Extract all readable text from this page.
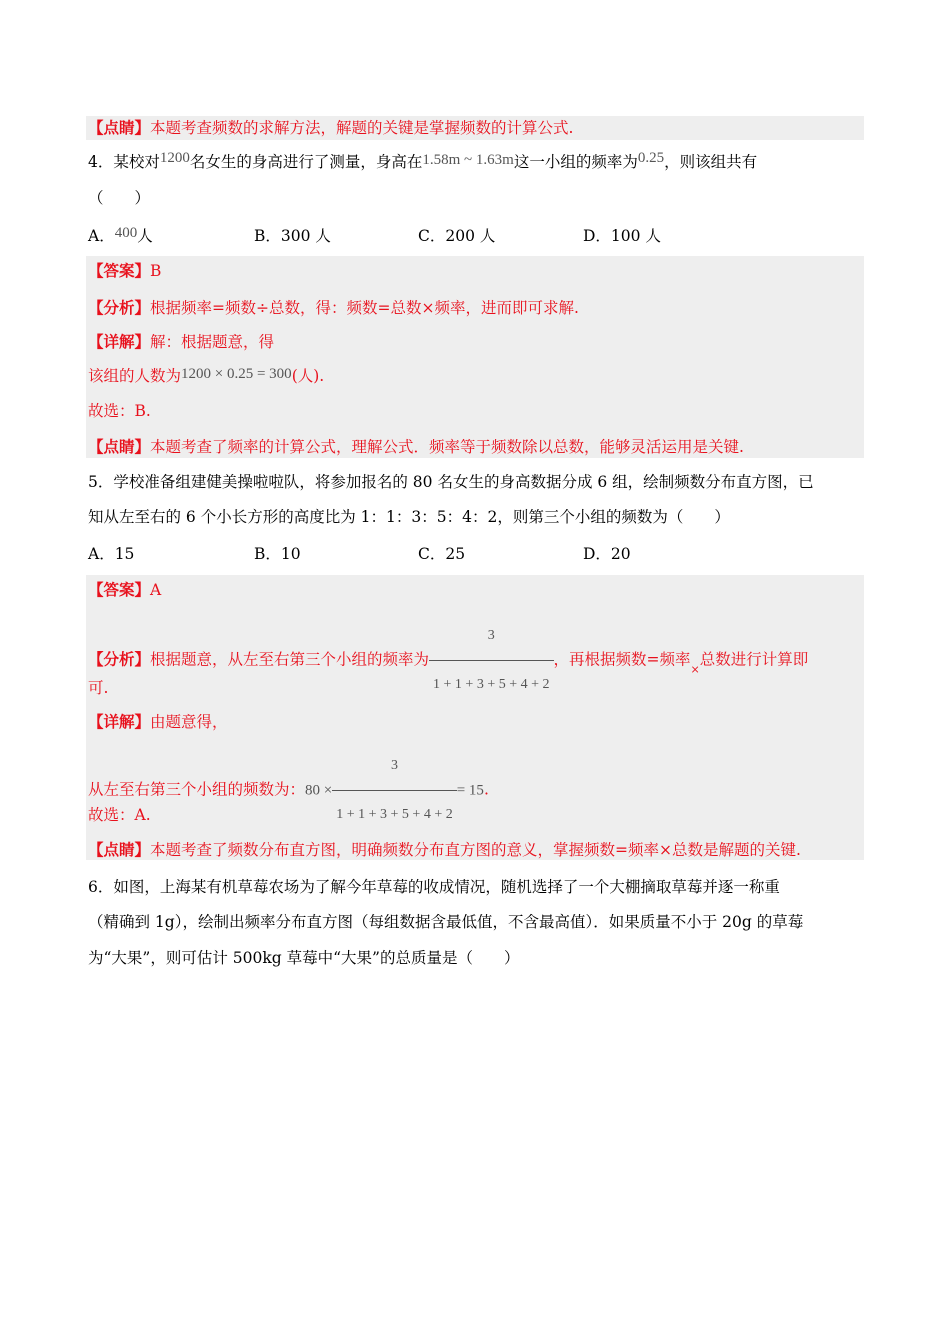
【点睛】本题考查频数的求解方法，解题的关键是掌握频数的计算公式.
4．某校对1200名女生的身高进行了测量，身高在1.58m ~ 1.63m这一小组的频率为0.25，则该组共有
（　　）
A．400人	B．300 人	C．200 人	D．100 人
【答案】B
【分析】根据频率=频数÷总数，得：频数=总数×频率，进而即可求解.
【详解】解：根据题意，得
该组的人数为1200 × 0.25 = 300(人).
故选：B.
【点睛】本题考查了频率的计算公式，理解公式．频率等于频数除以总数，能够灵活运用是关键.
5．学校准备组建健美操啦啦队，将参加报名的 80 名女生的身高数据分成 6 组，绘制频数分布直方图，已
知从左至右的 6 个小长方形的高度比为 1：1：3：5：4：2，则第三个小组的频数为（　　）
A．15	B．10	C．25	D．20
【答案】A
【分析】根据题意，从左至右第三个小组的频率为 $\frac{3}{1 + 1 + 3 + 5 + 4 + 2}$ ，再根据频数=频率$_\times$总数进行计算即
可.
【详解】由题意得，
从左至右第三个小组的频数为：$80 \times \frac{3}{1 + 1 + 3 + 5 + 4 + 2} = 15$.
故选：A.
【点睛】本题考查了频数分布直方图，明确频数分布直方图的意义，掌握频数=频率×总数是解题的关键.
6．如图，上海某有机草莓农场为了解今年草莓的收成情况，随机选择了一个大棚摘取草莓并逐一称重
（精确到 1g），绘制出频率分布直方图（每组数据含最低值，不含最高值）．如果质量不小于 20g 的草莓
为“大果”，则可估计 500kg 草莓中“大果”的总质量是（　　）
